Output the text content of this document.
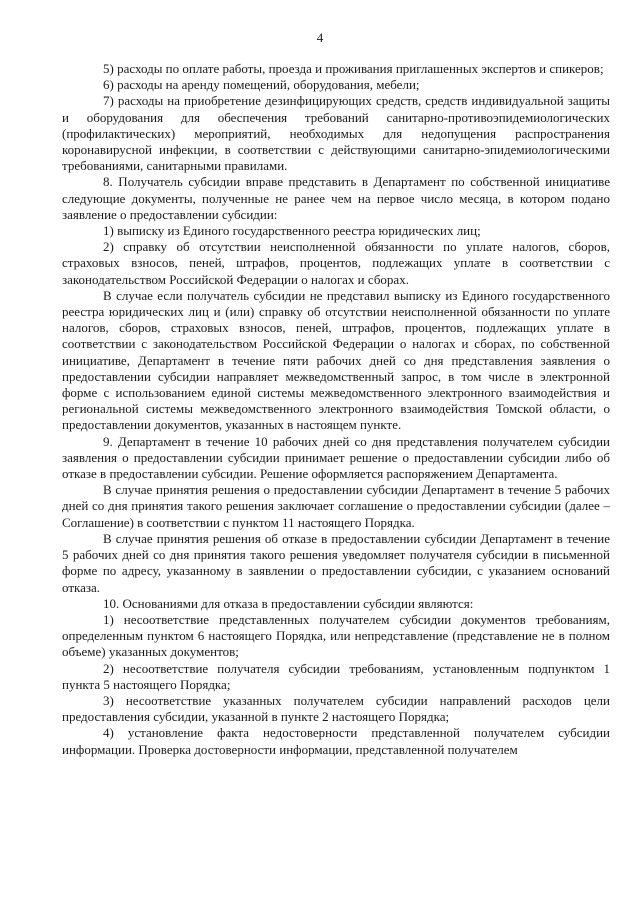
4

5) расходы по оплате работы, проезда и проживания приглашенных экспертов и спикеров;

6) расходы на аренду помещений, оборудования, мебели;

7) расходы на приобретение дезинфицирующих средств, средств индивидуальной защиты и оборудования для обеспечения требований санитарно-противоэпидемиологических (профилактических) мероприятий, необходимых для недопущения распространения коронавирусной инфекции, в соответствии с действующими санитарно-эпидемиологическими требованиями, санитарными правилами.

8. Получатель субсидии вправе представить в Департамент по собственной инициативе следующие документы, полученные не ранее чем на первое число месяца, в котором подано заявление о предоставлении субсидии:

1) выписку из Единого государственного реестра юридических лиц;

2) справку об отсутствии неисполненной обязанности по уплате налогов, сборов, страховых взносов, пеней, штрафов, процентов, подлежащих уплате в соответствии с законодательством Российской Федерации о налогах и сборах.

В случае если получатель субсидии не представил выписку из Единого государственного реестра юридических лиц и (или) справку об отсутствии неисполненной обязанности по уплате налогов, сборов, страховых взносов, пеней, штрафов, процентов, подлежащих уплате в соответствии с законодательством Российской Федерации о налогах и сборах, по собственной инициативе, Департамент в течение пяти рабочих дней со дня представления заявления о предоставлении субсидии направляет межведомственный запрос, в том числе в электронной форме с использованием единой системы межведомственного электронного взаимодействия и региональной системы межведомственного электронного взаимодействия Томской области, о предоставлении документов, указанных в настоящем пункте.

9. Департамент в течение 10 рабочих дней со дня представления получателем субсидии заявления о предоставлении субсидии принимает решение о предоставлении субсидии либо об отказе в предоставлении субсидии. Решение оформляется распоряжением Департамента.

В случае принятия решения о предоставлении субсидии Департамент в течение 5 рабочих дней со дня принятия такого решения заключает соглашение о предоставлении субсидии (далее – Соглашение) в соответствии с пунктом 11 настоящего Порядка.

В случае принятия решения об отказе в предоставлении субсидии Департамент в течение 5 рабочих дней со дня принятия такого решения уведомляет получателя субсидии в письменной форме по адресу, указанному в заявлении о предоставлении субсидии, с указанием оснований отказа.

10. Основаниями для отказа в предоставлении субсидии являются:

1) несоответствие представленных получателем субсидии документов требованиям, определенным пунктом 6 настоящего Порядка, или непредставление (представление не в полном объеме) указанных документов;

2) несоответствие получателя субсидии требованиям, установленным подпунктом 1 пункта 5 настоящего Порядка;

3) несоответствие указанных получателем субсидии направлений расходов цели предоставления субсидии, указанной в пункте 2 настоящего Порядка;

4) установление факта недостоверности представленной получателем субсидии информации. Проверка достоверности информации, представленной получателем
